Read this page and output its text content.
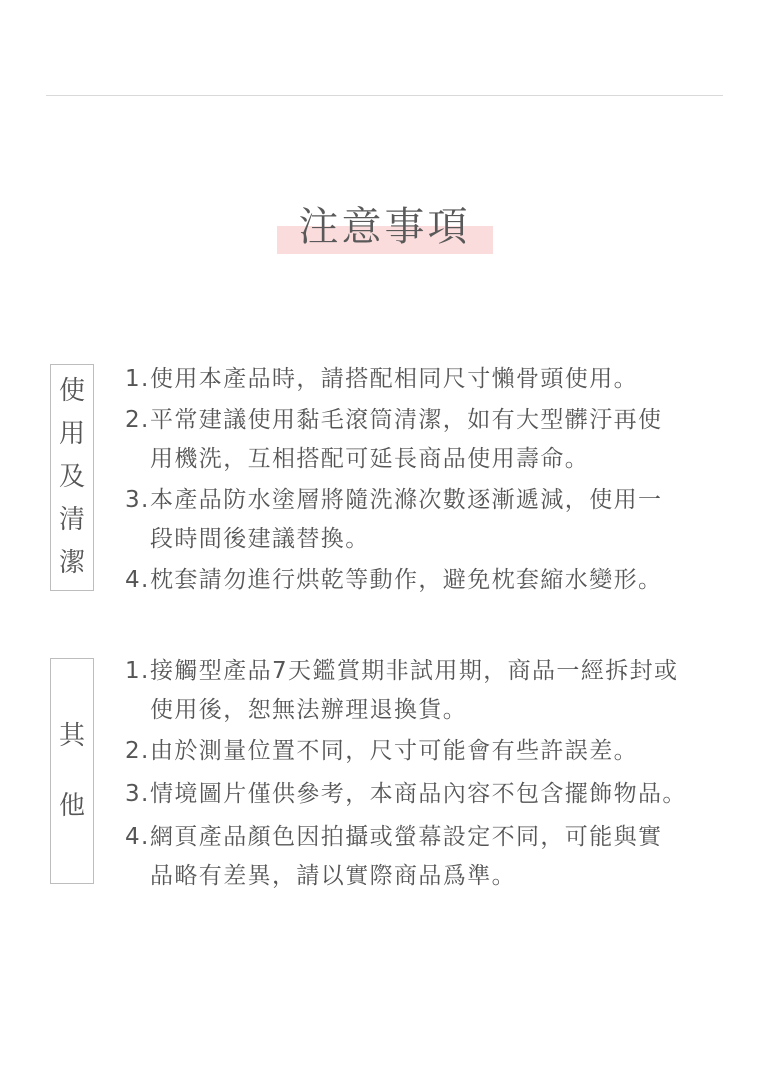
注意事項
使
用
及
清
潔
1. 使用本產品時，請搭配相同尺寸懶骨頭使用。
2. 平常建議使用黏毛滾筒清潔，如有大型髒汙再使
用機洗，互相搭配可延長商品使用壽命。
3. 本產品防水塗層將隨洗滌次數逐漸遞減，使用一
段時間後建議替換。
4. 枕套請勿進行烘乾等動作，避免枕套縮水變形。
其
他
1. 接觸型產品7天鑑賞期非試用期，商品一經拆封或
使用後，恕無法辦理退換貨。
2. 由於測量位置不同，尺寸可能會有些許誤差。
3. 情境圖片僅供參考，本商品內容不包含擺飾物品。
4. 網頁產品顏色因拍攝或螢幕設定不同，可能與實
品略有差異，請以實際商品爲準。
